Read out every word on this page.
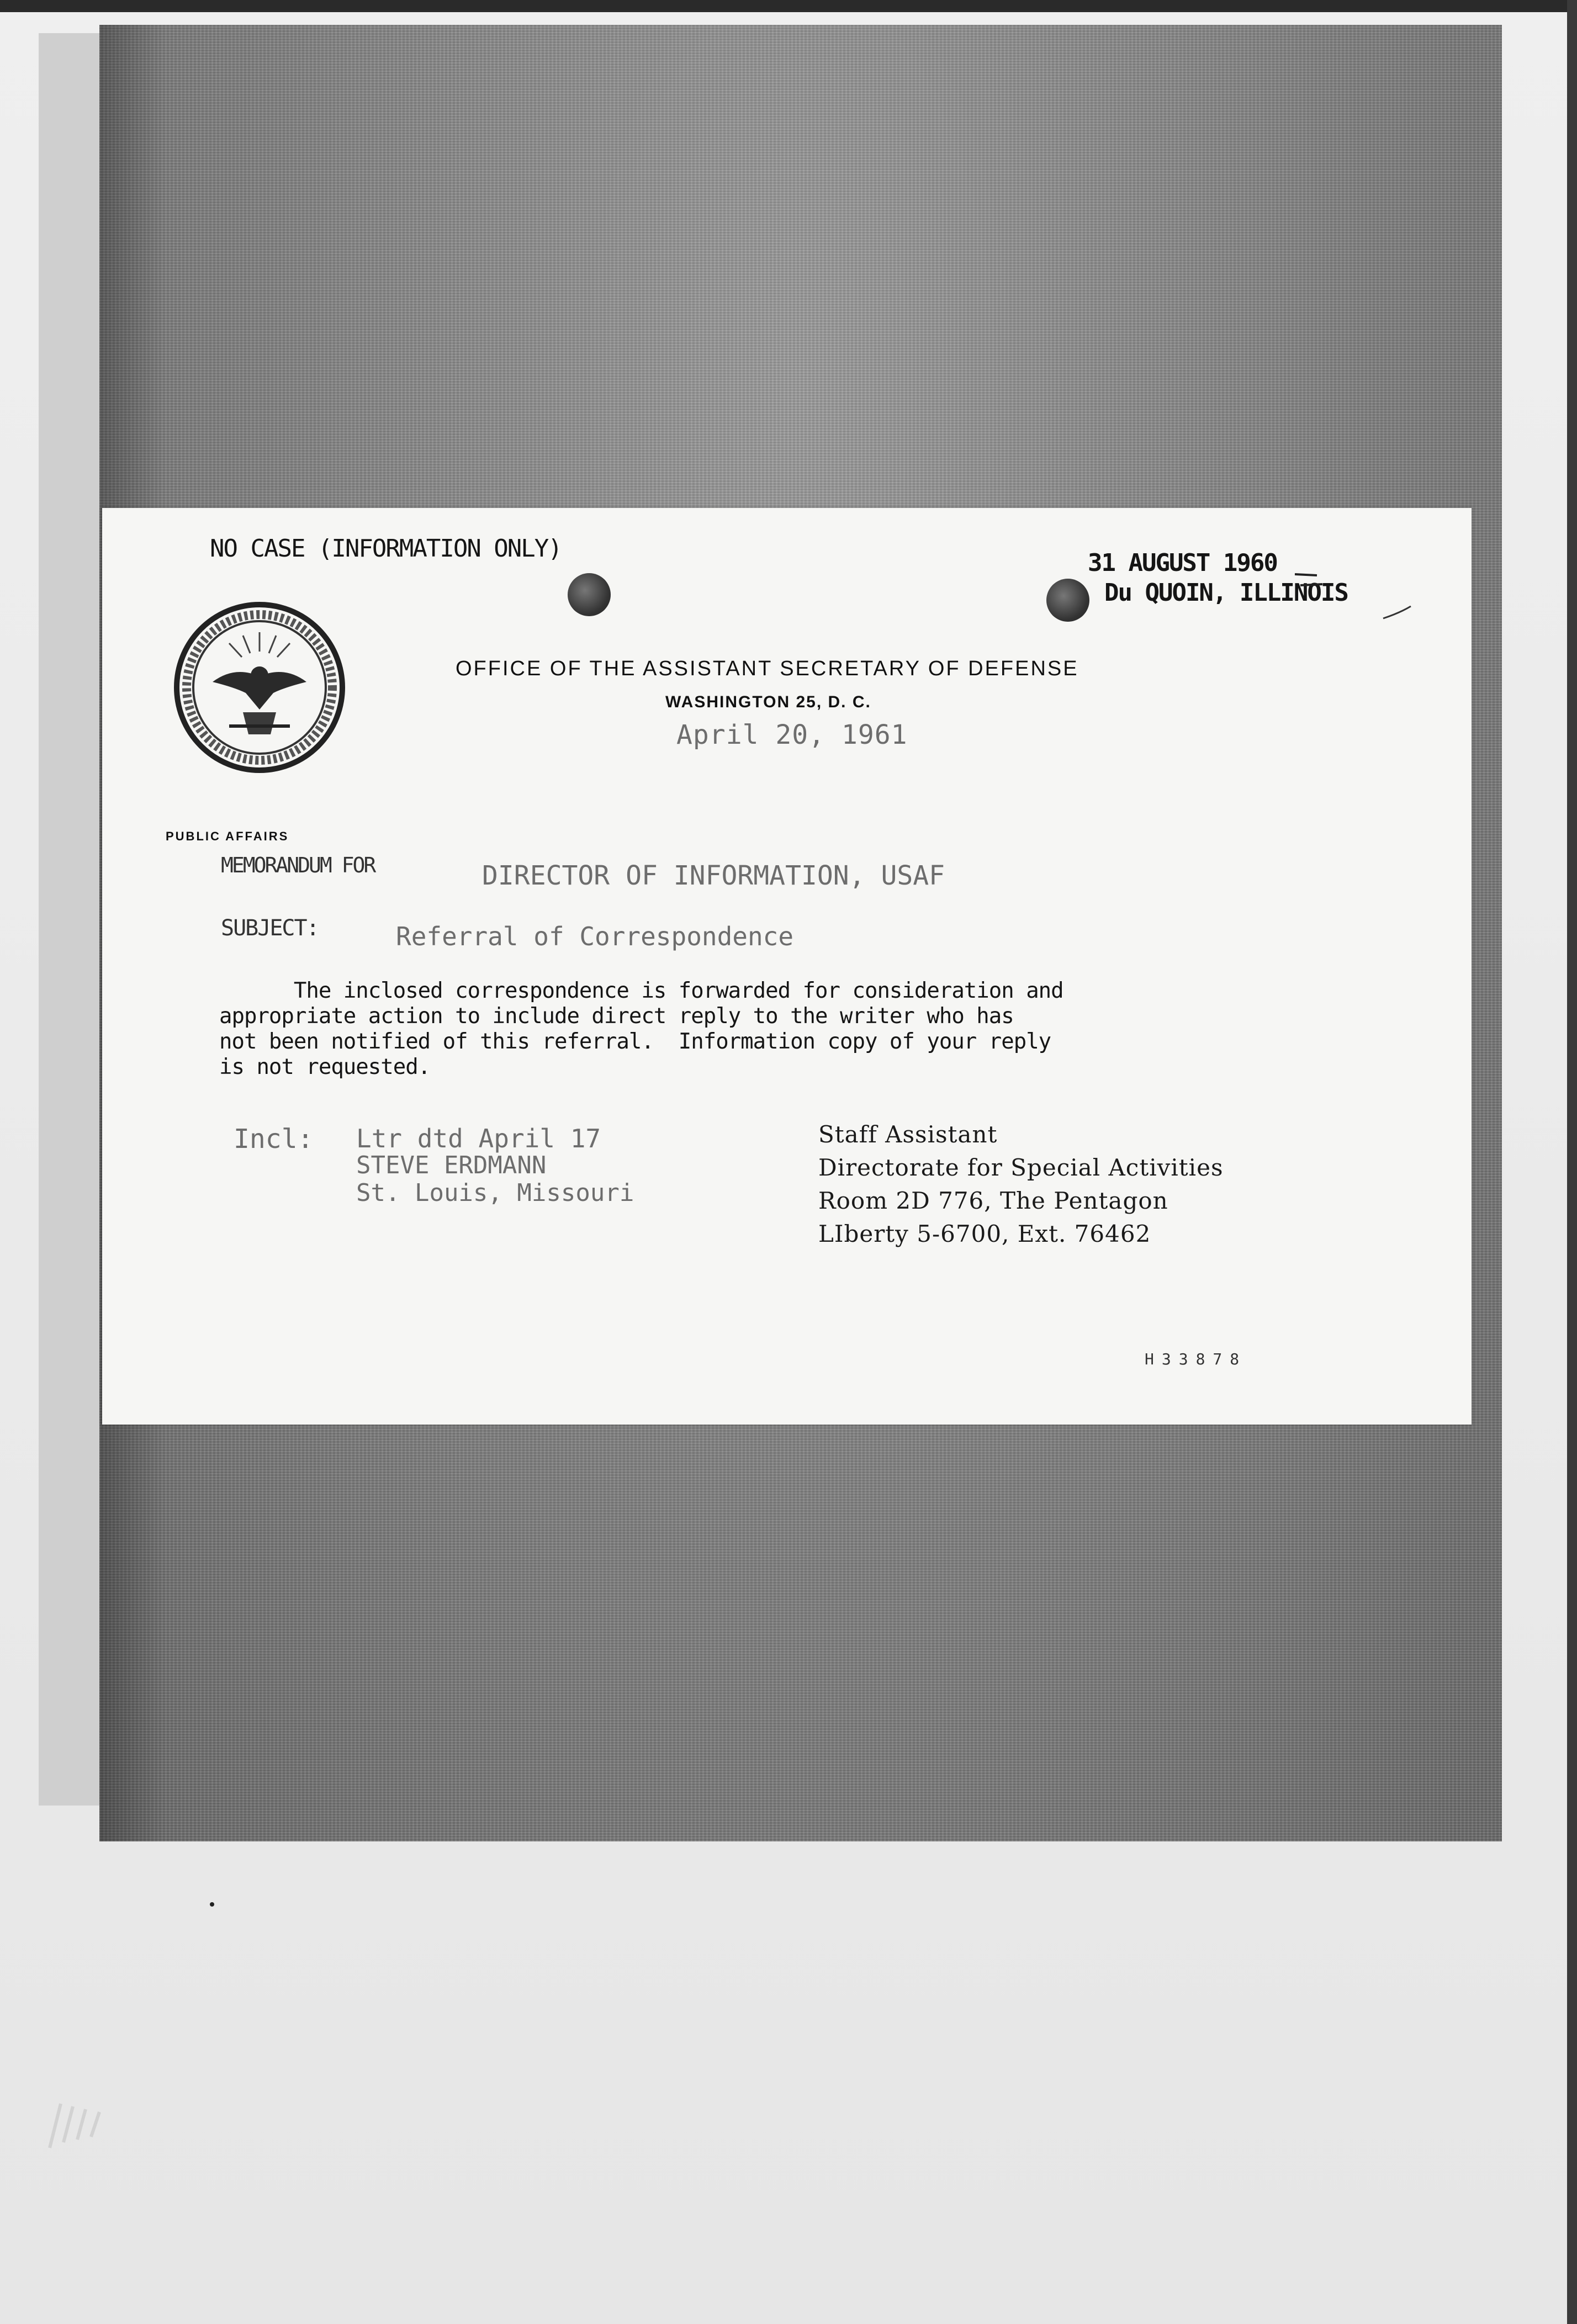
NO CASE (INFORMATION ONLY)
31 AUGUST 1960
Du QUOIN, ILLINOIS
OFFICE OF THE ASSISTANT SECRETARY OF DEFENSE
WASHINGTON 25, D. C.
April 20, 1961
PUBLIC AFFAIRS
MEMORANDUM FOR	DIRECTOR OF INFORMATION, USAF
SUBJECT:	Referral of Correspondence
The inclosed correspondence is forwarded for consideration and
appropriate action to include direct reply to the writer who has
not been notified of this referral.  Information copy of your reply
is not requested.
Incl: Ltr dtd April 17
STEVE ERDMANN
St. Louis, Missouri
Staff Assistant
Directorate for Special Activities
Room 2D 776, The Pentagon
LIberty 5-6700, Ext. 76462
H33878
